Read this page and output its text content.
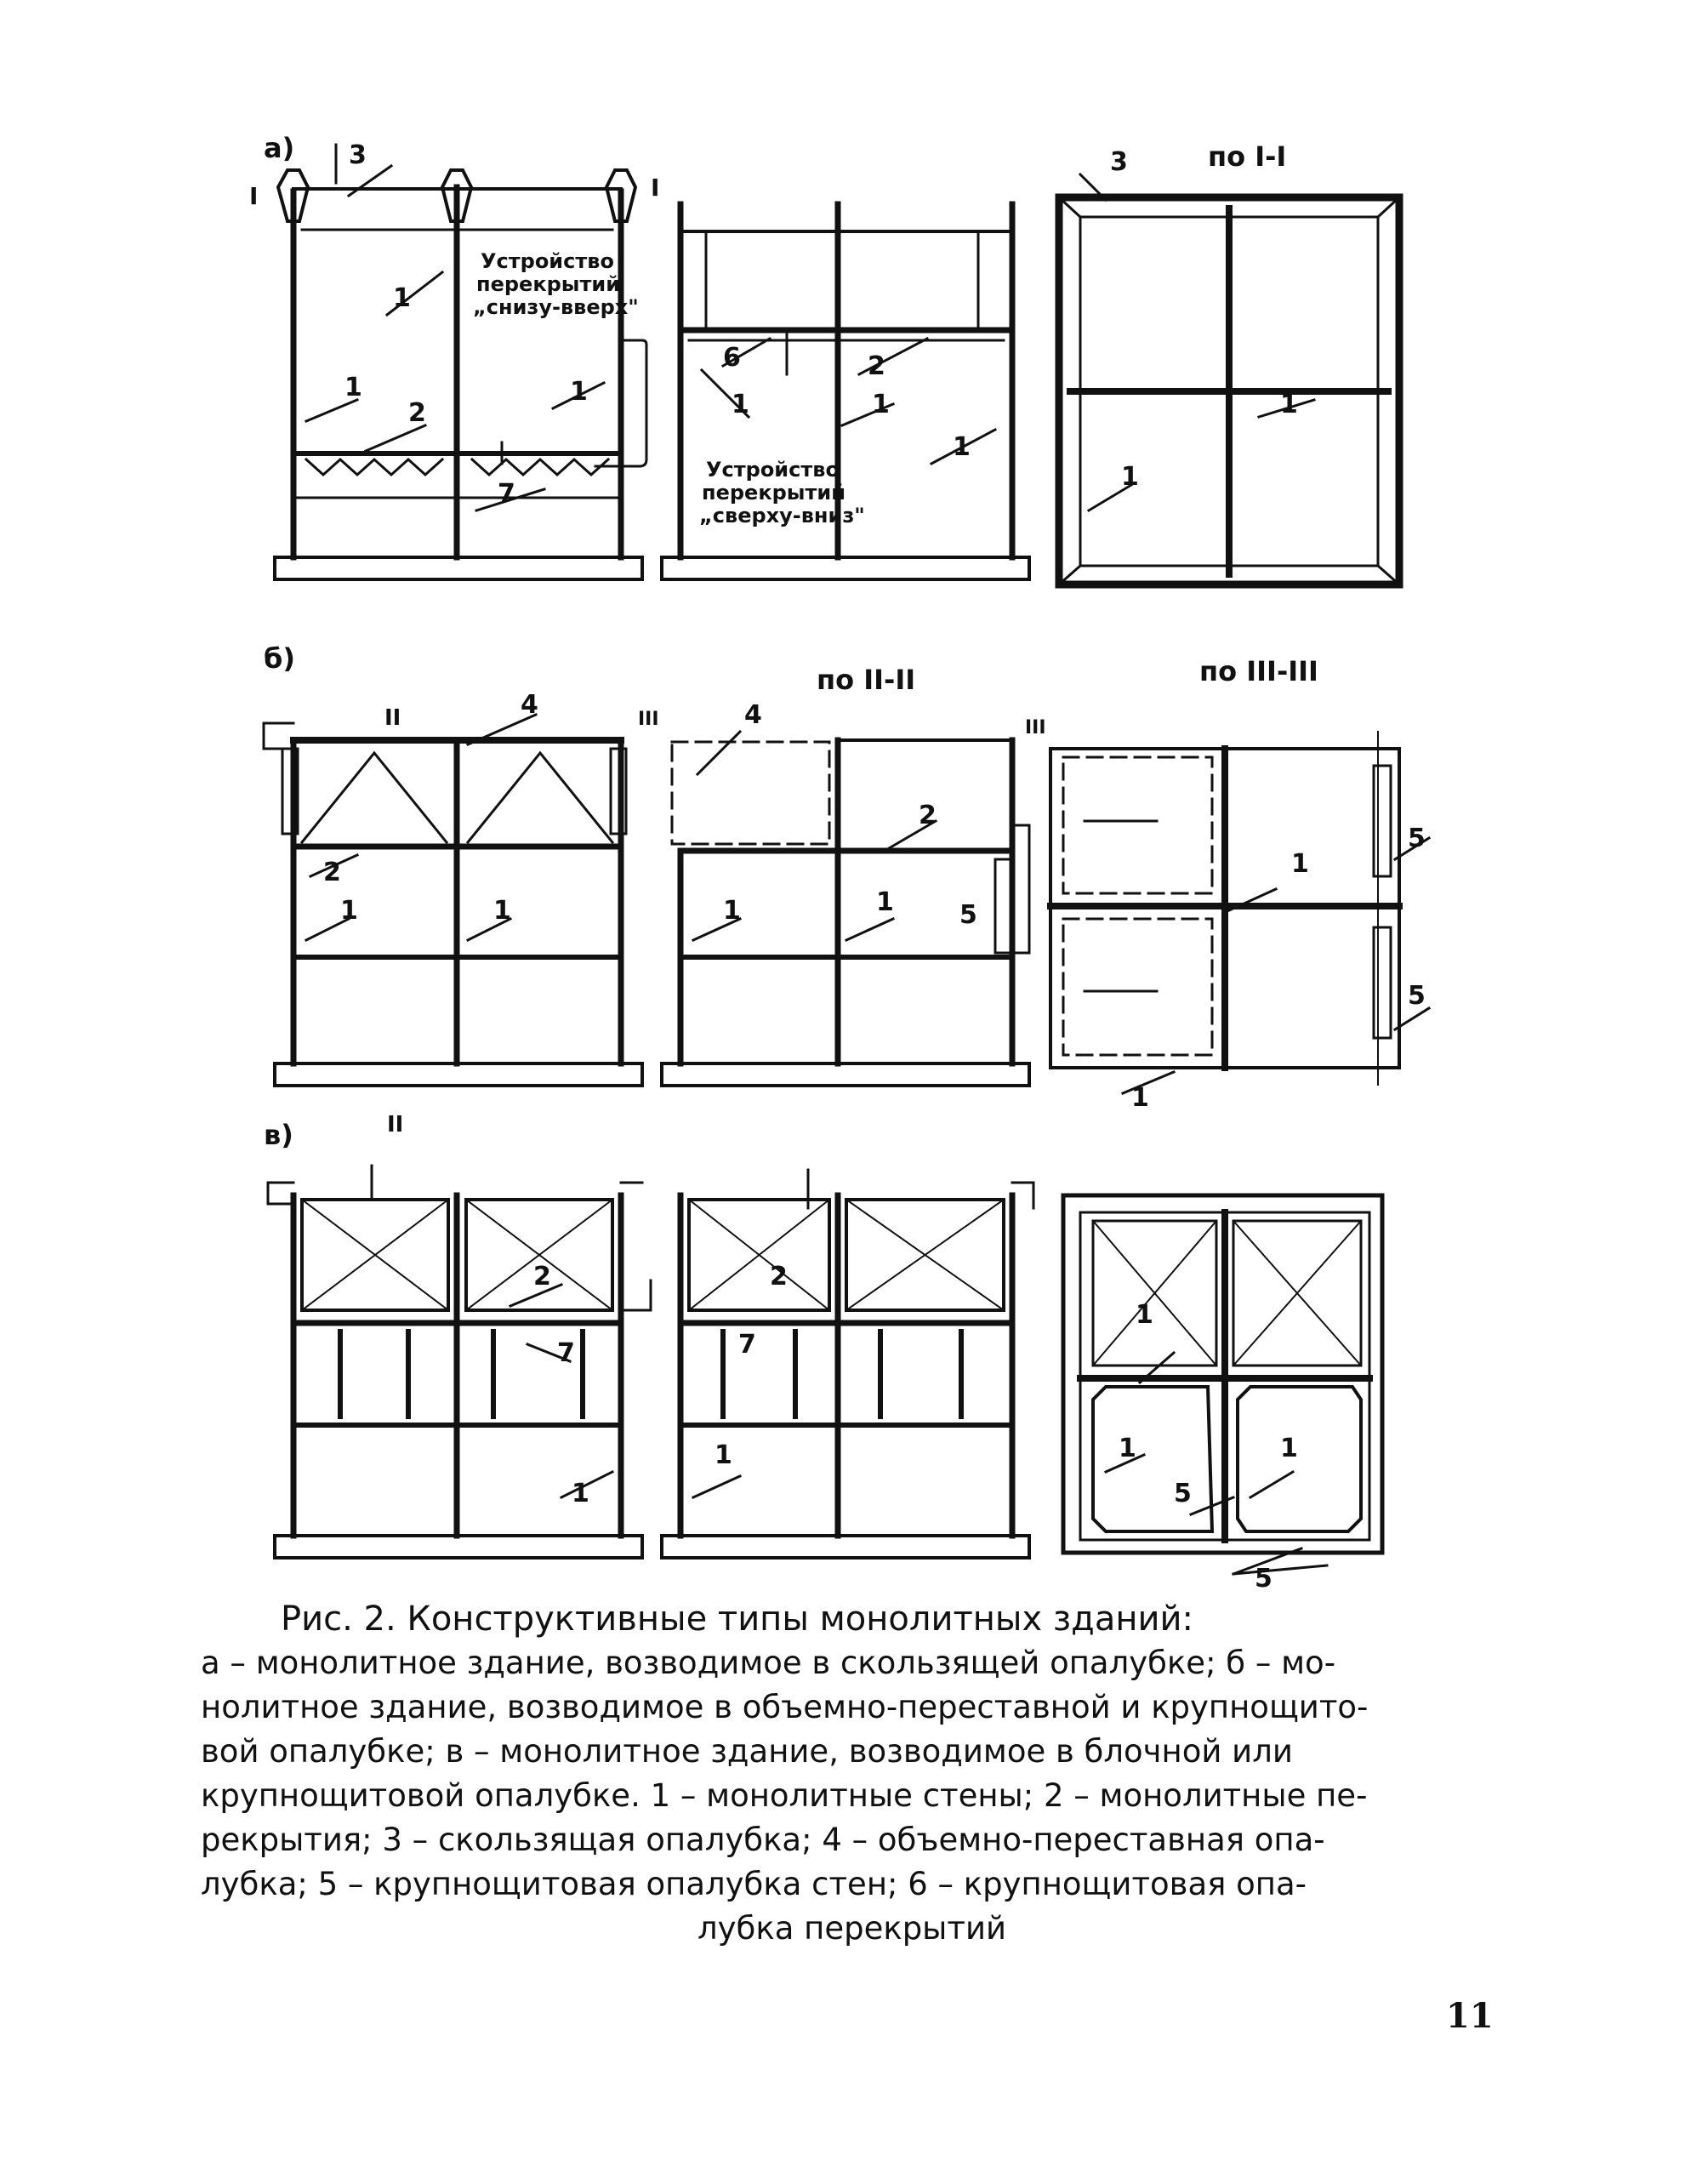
а)
б)
в)
по I-I
по II-II	по III-III
I	I
II	III	III
II
Устройство
перекрытий
„снизу-вверх"
Устройство
перекрытий
„сверху-вниз"
3
1
1
2
1
7
6	2
1	1
1
3
1
1
4
2
1	1
4
2
1	1	5
1
5
5
1
2
7
1
2
7
1
1
1
5
1
5
Рис. 2. Конструктивные типы монолитных зданий:
а – монолитное здание, возводимое в скользящей опалубке; б – мо-
нолитное здание, возводимое в объемно-переставной и крупнощито-
вой опалубке; в – монолитное здание, возводимое в блочной или
крупнощитовой опалубке. 1 – монолитные стены; 2 – монолитные пе-
рекрытия; 3 – скользящая опалубка; 4 – объемно-переставная опа-
лубка; 5 – крупнощитовая опалубка стен; 6 – крупнощитовая опа-
лубка перекрытий
11
